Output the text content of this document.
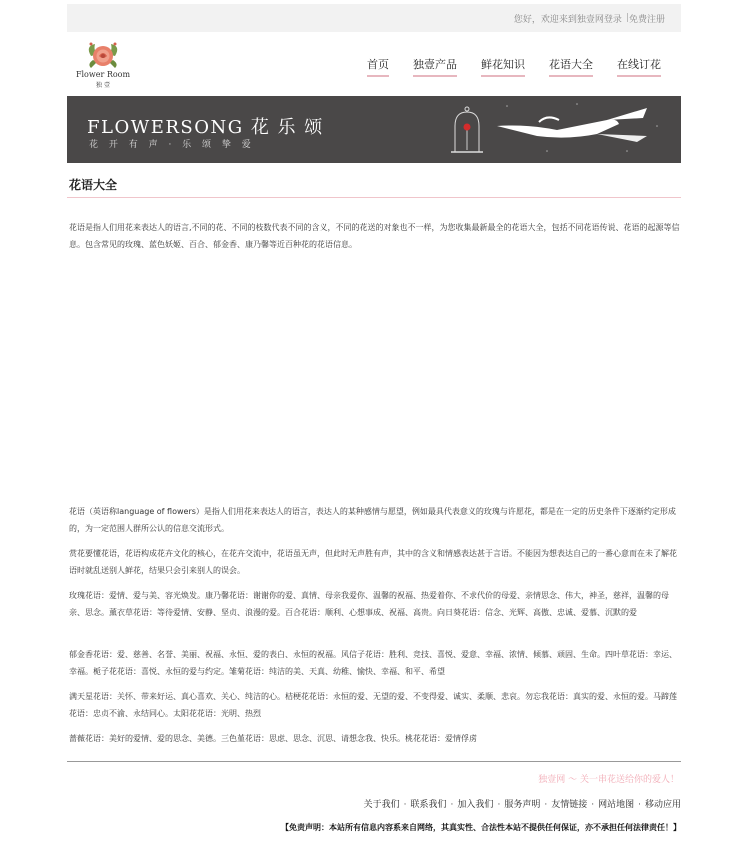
您好，欢迎来到独壹网 登录 | 免费注册
Flower Room
独 壹
首页 独壹产品 鲜花知识 花语大全 在线订花
FLOWERSONG 花 乐 颂
花 开 有 声 · 乐 颂 挚 爱
花语大全

花语是指人们用花来表达人的语言,不同的花、不同的枝数代表不同的含义，不同的花送的对象也不一样，为您收集最新最全的花语大全，包括不同花语传说、花语的起源等信息。包含常见的玫瑰、蓝色妖姬、百合、郁金香、康乃馨等近百种花的花语信息。

花语（英语称language of flowers）是指人们用花来表达人的语言，表达人的某种感情与愿望，例如最具代表意义的玫瑰与许愿花，都是在一定的历史条件下逐渐约定形成的，为一定范围人群所公认的信息交流形式。

赏花要懂花语，花语构成花卉文化的核心，在花卉交流中，花语虽无声，但此时无声胜有声，其中的含义和情感表达甚于言语。不能因为想表达自己的一番心意而在未了解花语时就乱送别人鲜花，结果只会引来别人的误会。

玫瑰花语：爱情、爱与美、容光焕发。康乃馨花语：谢谢你的爱、真情、母亲我爱你、温馨的祝福、热爱着你、不求代价的母爱、亲情思念、伟大，神圣，慈祥，温馨的母亲、思念。薰衣草花语：等待爱情、安静、坚贞、浪漫的爱。百合花语：顺利、心想事成、祝福、高贵。向日葵花语：信念、光辉、高傲、忠诚、爱慕、沉默的爱

郁金香花语：爱、慈善、名誉、美丽、祝福、永恒、爱的表白、永恒的祝福。风信子花语：胜利、竞技、喜悦、爱意、幸福、浓情、倾慕、顽固、生命。四叶草花语：幸运、幸福。栀子花花语：喜悦、永恒的爱与约定。雏菊花语：纯洁的美、天真、幼稚、愉快、幸福、和平、希望

满天星花语：关怀、带来好运、真心喜欢、关心、纯洁的心。桔梗花花语：永恒的爱、无望的爱、不变得爱、诚实、柔顺、悲哀。勿忘我花语：真实的爱、永恒的爱。马蹄莲花语：忠贞不渝、永结同心。太阳花花语：光明、热烈

蔷薇花语：美好的爱情、爱的思念、美德。三色堇花语：思虑、思念、沉思、请想念我、快乐。桃花花语：爱情俘虏

独壹网 ～ 关一串花送给你的爱人！
关于我们 · 联系我们 · 加入我们 · 服务声明 · 友情链接 · 网站地图 · 移动应用
【免责声明：本站所有信息内容系来自网络，其真实性、合法性本站不提供任何保证，亦不承担任何法律责任！】
